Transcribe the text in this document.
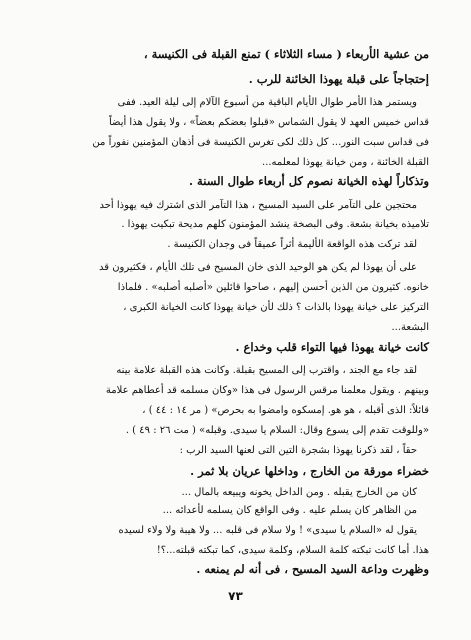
من عشية الأربعاء ( مساء الثلاثاء ) تمنع القبلة فى الكنيسة ،
إحتجاجاً على قبلة يهوذا الخائنة للرب .
ويستمر هذا الأمر طوال الأيام الباقية من أسبوع الآلام إلى ليلة العيد. ففى
قداس خميس العهد لا يقول الشماس «قبلوا بعضكم بعضاً» ، ولا يقول هذا أيضاً
فى قداس سبت النور... كل ذلك لكى تغرس الكنيسة فى أذهان المؤمنين نفوراً من
القبلة الخائنة ، ومن خيانة يهوذا لمعلمه...
وتذكاراً لهذه الخيانة نصوم كل أربعاء طوال السنة .
محتجين على التآمر على السيد المسيح ، هذا التآمر الذى اشترك فيه يهوذا أحد
تلاميذه بخيانة بشعة. وفى البصخة ينشد المؤمنون كلهم مديحة تبكيت يهوذا .
لقد تركت هذه الواقعة الأليمة أثراً عميقاً فى وجدان الكنيسة .
على أن يهوذا لم يكن هو الوحيد الذى خان المسيح فى تلك الأيام ، فكثيرون قد
خانوه. كثيرون من الذين أحسن إليهم ، صاحوا قائلين «أصلبه أصلبه» . فلماذا
التركيز على خيانة يهوذا بالذات ؟ ذلك لأن خيانة يهوذا كانت الخيانة الكبرى ،
البشعة...
كانت خيانة يهوذا فيها التواء قلب وخداع .
لقد جاء مع الجند ، واقترب إلى المسيح بقبلة. وكانت هذه القبلة علامة بينه
وبينهم . ويقول معلمنا مرقس الرسول فى هذا «وكان مسلمه قد أعطاهم علامة
قائلاً: الذى أقبله ، هو هو. إمسكوه وامضوا به بحرص» ( مر ١٤ : ٤٤ ) ،
«وللوقت تقدم إلى يسوع وقال: السلام يا سيدى. وقبله» ( مت ٢٦ : ٤٩ ) .
حقاً ، لقد ذكرنا يهوذا بشجرة التين التى لعنها السيد الرب :
خضراء مورقة من الخارج ، وداخلها عريان بلا ثمر .
كان من الخارج يقبله . ومن الداخل يخونه ويبيعه بالمال ...
من الظاهر كان يسلم عليه . وفى الواقع كان يسلمه لأعدائه ...
يقول له «السلام يا سيدى» ! ولا سلام فى قلبه ... ولا هيبة ولا ولاء لسيده
هذا. أما كانت تبكته كلمة السلام، وكلمة سيدى، كما تبكته قبلته...؟!
وظهرت وداعة السيد المسيح ، فى أنه لم يمنعه .
٧٣
